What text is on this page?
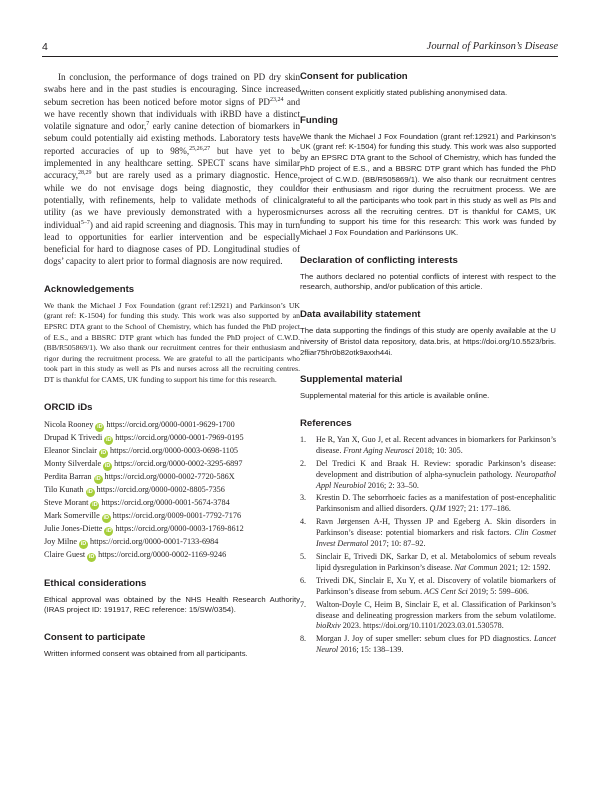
4	Journal of Parkinson’s Disease

In conclusion, the performance of dogs trained on PD dry skin swabs here and in the past studies is encouraging. Since increased sebum secretion has been noticed before motor signs of PD$^{23,24}$ and we have recently shown that individuals with iRBD have a distinct volatile signature and odor,$^7$ early canine detection of biomarkers in sebum could potentially aid existing methods. Laboratory tests have reported accuracies of up to 98%,$^{25,26,27}$ but have yet to be implemented in any healthcare setting. SPECT scans have similar accuracy,$^{28,29}$ but are rarely used as a primary diagnostic. Hence, while we do not envisage dogs being diagnostic, they could potentially, with refinements, help to validate methods of clinical utility (as we have previously demonstrated with a hyperosmic individual$^{5-7}$) and aid rapid screening and diagnosis. This may in turn lead to opportunities for earlier intervention and be especially beneficial for hard to diagnose cases of PD. Longitudinal studies of dogs’ capacity to alert prior to formal diagnosis are now required.

Acknowledgements

We thank the Michael J Fox Foundation (grant ref:12921) and Parkinson’s UK (grant ref: K-1504) for funding this study. This work was also supported by an EPSRC DTA grant to the School of Chemistry, which has funded the PhD project of E.S., and a BBSRC DTP grant which has funded the PhD project of C.W.D. (BB/R505869/1). We also thank our recruitment centres for their enthusiasm and rigor during the recruitment process. We are grateful to all the participants who took part in this study as well as PIs and nurses across all the recruiting centres. DT is thankful for CAMS, UK funding to support his time for this research.

ORCID iDs
Nicola Rooney iD https://orcid.org/0000-0001-9629-1700
Drupad K Trivedi iD https://orcid.org/0000-0001-7969-0195
Eleanor Sinclair iD https://orcid.org/0000-0003-0698-1105
Monty Silverdale iD https://orcid.org/0000-0002-3295-6897
Perdita Barran iD https://orcid.org/0000-0002-7720-586X
Tilo Kunath iD https://orcid.org/0000-0002-8805-7356
Steve Morant iD https://orcid.org/0000-0001-5674-3784
Mark Somerville iD https://orcid.org/0009-0001-7792-7176
Julie Jones-Diette iD https://orcid.org/0000-0003-1769-8612
Joy Milne iD https://orcid.org/0000-0001-7133-6984
Claire Guest iD https://orcid.org/0000-0002-1169-9246
Ethical considerations

Ethical approval was obtained by the NHS Health Research Authority (IRAS project ID: 191917, REC reference: 15/SW/0354).

Consent to participate

Written informed consent was obtained from all participants.

Consent for publication

Written consent explicitly stated publishing anonymised data.

Funding

We thank the Michael J Fox Foundation (grant ref:12921) and Parkinson’s UK (grant ref: K-1504) for funding this study. This work was also supported by an EPSRC DTA grant to the School of Chemistry, which has funded the PhD project of E.S., and a BBSRC DTP grant which has funded the PhD project of C.W.D. (BB/R505869/1). We also thank our recruitment centres for their enthusiasm and rigor during the recruitment process. We are grateful to all the participants who took part in this study as well as PIs and nurses across all the recruiting centres. DT is thankful for CAMS, UK funding to support his time for this research: This work was funded by Michael J Fox Foundation and Parkinsons UK.

Declaration of conflicting interests

The authors declared no potential conflicts of interest with respect to the research, authorship, and/or publication of this article.

Data availability statement

The data supporting the findings of this study are openly available at the University of Bristol data repository, data.bris, at https://doi.org/10.5523/bris.2fliar75hr0b82otk9axxh44i.

Supplemental material

Supplemental material for this article is available online.

References
1.	He R, Yan X, Guo J, et al. Recent advances in biomarkers for Parkinson’s disease. Front Aging Neurosci 2018; 10: 305.
2.	Del Tredici K and Braak H. Review: sporadic Parkinson’s disease: development and distribution of alpha-synuclein pathology. Neuropathol Appl Neurobiol 2016; 2: 33–50.
3.	Krestin D. The seborrhoeic facies as a manifestation of post-encephalitic Parkinsonism and allied disorders. QJM 1927; 21: 177–186.
4.	Ravn Jørgensen A-H, Thyssen JP and Egeberg A. Skin disorders in Parkinson’s disease: potential biomarkers and risk factors. Clin Cosmet Invest Dermatol 2017; 10: 87–92.
5.	Sinclair E, Trivedi DK, Sarkar D, et al. Metabolomics of sebum reveals lipid dysregulation in Parkinson’s disease. Nat Commun 2021; 12: 1592.
6.	Trivedi DK, Sinclair E, Xu Y, et al. Discovery of volatile biomarkers of Parkinson’s disease from sebum. ACS Cent Sci 2019; 5: 599–606.
7.	Walton-Doyle C, Heim B, Sinclair E, et al. Classification of Parkinson’s disease and delineating progression markers from the sebum volatilome. bioRxiv 2023. https://doi.org/10.1101/2023.03.01.530578.
8.	Morgan J. Joy of super smeller: sebum clues for PD diagnostics. Lancet Neurol 2016; 15: 138–139.
